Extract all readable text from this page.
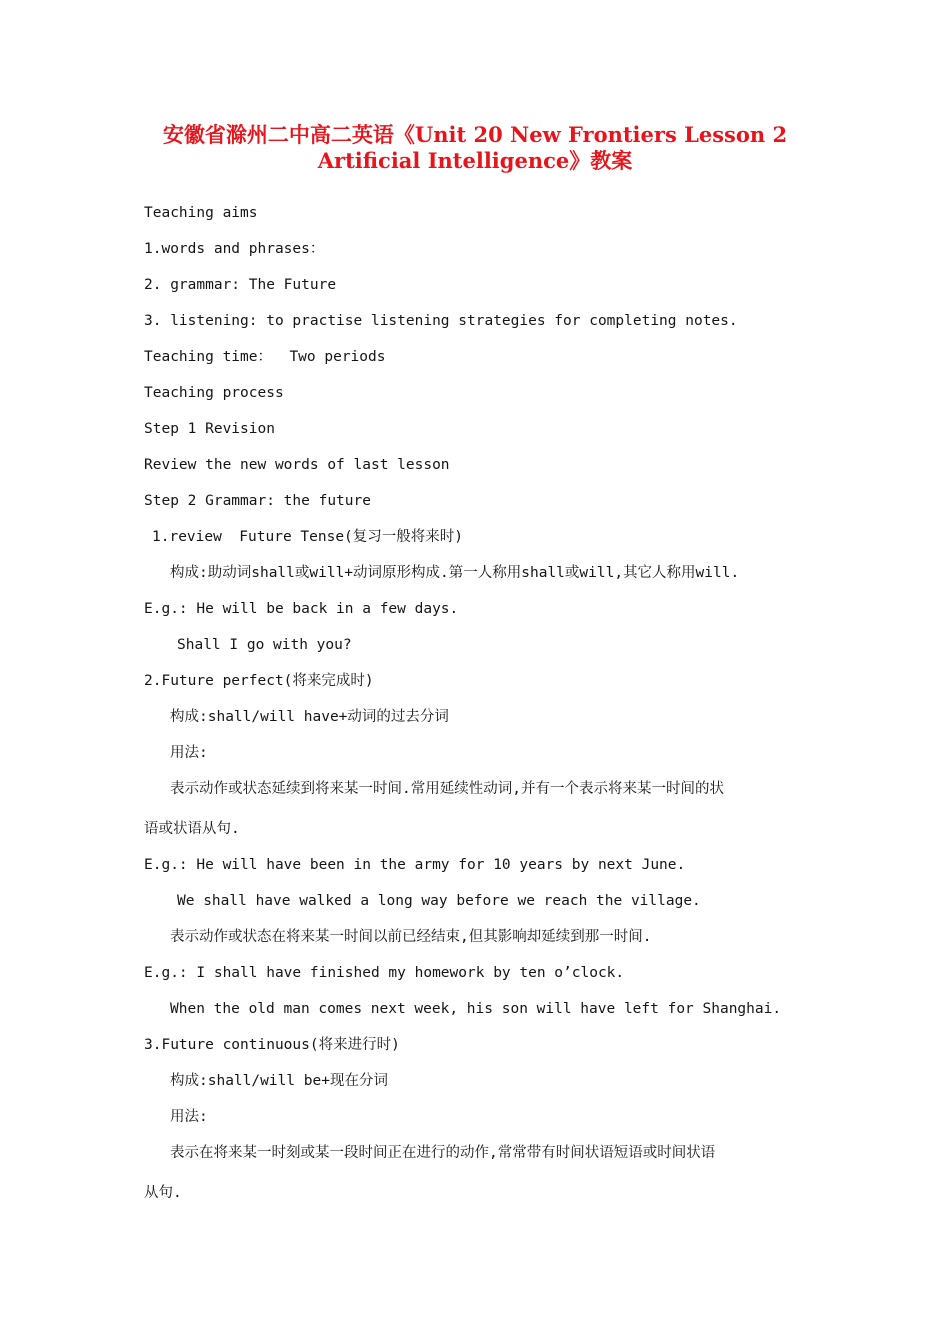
安徽省滁州二中高二英语《Unit 20 New Frontiers Lesson 2
Artificial Intelligence》教案
Teaching aims
1.words and phrases：
2. grammar: The Future
3. listening: to practise listening strategies for completing notes.
Teaching time：  Two periods
Teaching process
Step 1 Revision
Review the new words of last lesson
Step 2 Grammar: the future
1.review  Future Tense(复习一般将来时)
构成:助动词shall或will+动词原形构成.第一人称用shall或will,其它人称用will.
E.g.: He will be back in a few days.
Shall I go with you?
2.Future perfect(将来完成时)
构成:shall/will have+动词的过去分词
用法:
表示动作或状态延续到将来某一时间.常用延续性动词,并有一个表示将来某一时间的状
语或状语从句.
E.g.: He will have been in the army for 10 years by next June.
We shall have walked a long way before we reach the village.
表示动作或状态在将来某一时间以前已经结束,但其影响却延续到那一时间.
E.g.: I shall have finished my homework by ten o’clock.
When the old man comes next week, his son will have left for Shanghai.
3.Future continuous(将来进行时)
构成:shall/will be+现在分词
用法:
表示在将来某一时刻或某一段时间正在进行的动作,常常带有时间状语短语或时间状语
从句.
